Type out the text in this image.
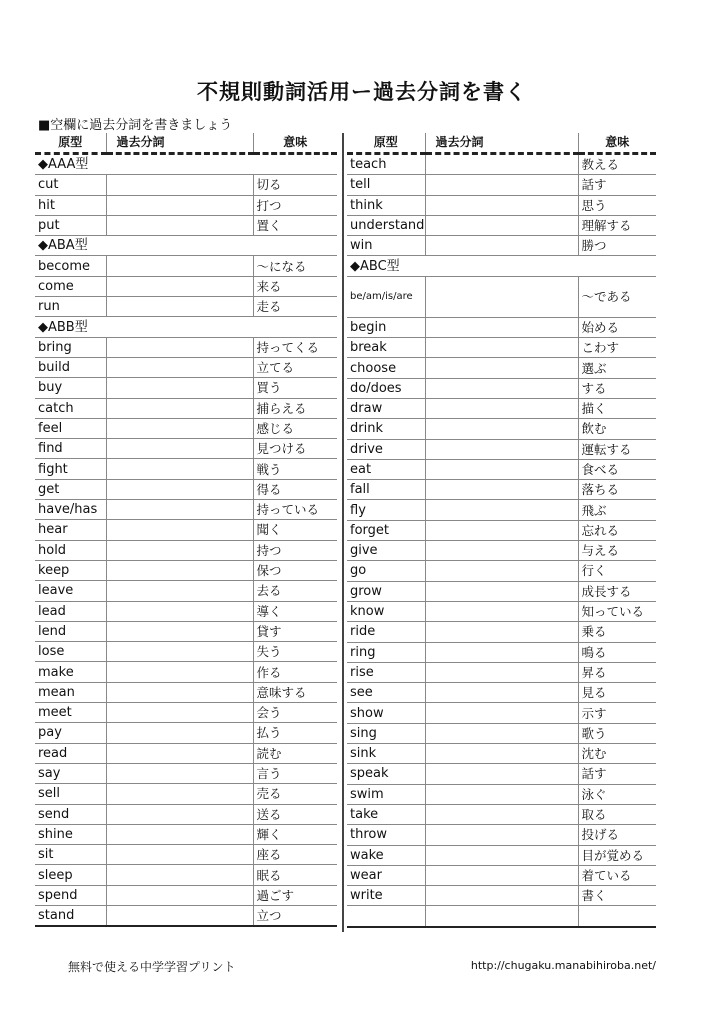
不規則動詞活用ー過去分詞を書く
■空欄に過去分詞を書きましょう
原型	過去分詞	意味
◆AAA型		
cut		切る
hit		打つ
put		置く
◆ABA型		
become		～になる
come		来る
run		走る
◆ABB型		
bring		持ってくる
build		立てる
buy		買う
catch		捕らえる
feel		感じる
find		見つける
fight		戦う
get		得る
have/has		持っている
hear		聞く
hold		持つ
keep		保つ
leave		去る
lead		導く
lend		貸す
lose		失う
make		作る
mean		意味する
meet		会う
pay		払う
read		読む
say		言う
sell		売る
send		送る
shine		輝く
sit		座る
sleep		眠る
spend		過ごす
stand		立つ
原型	過去分詞	意味
teach		教える
tell		話す
think		思う
understand		理解する
win		勝つ
◆ABC型		
be/am/is/are		～である
begin		始める
break		こわす
choose		選ぶ
do/does		する
draw		描く
drink		飲む
drive		運転する
eat		食べる
fall		落ちる
fly		飛ぶ
forget		忘れる
give		与える
go		行く
grow		成長する
know		知っている
ride		乗る
ring		鳴る
rise		昇る
see		見る
show		示す
sing		歌う
sink		沈む
speak		話す
swim		泳ぐ
take		取る
throw		投げる
wake		目が覚める
wear		着ている
write		書く

無料で使える中学学習プリント	http://chugaku.manabihiroba.net/
